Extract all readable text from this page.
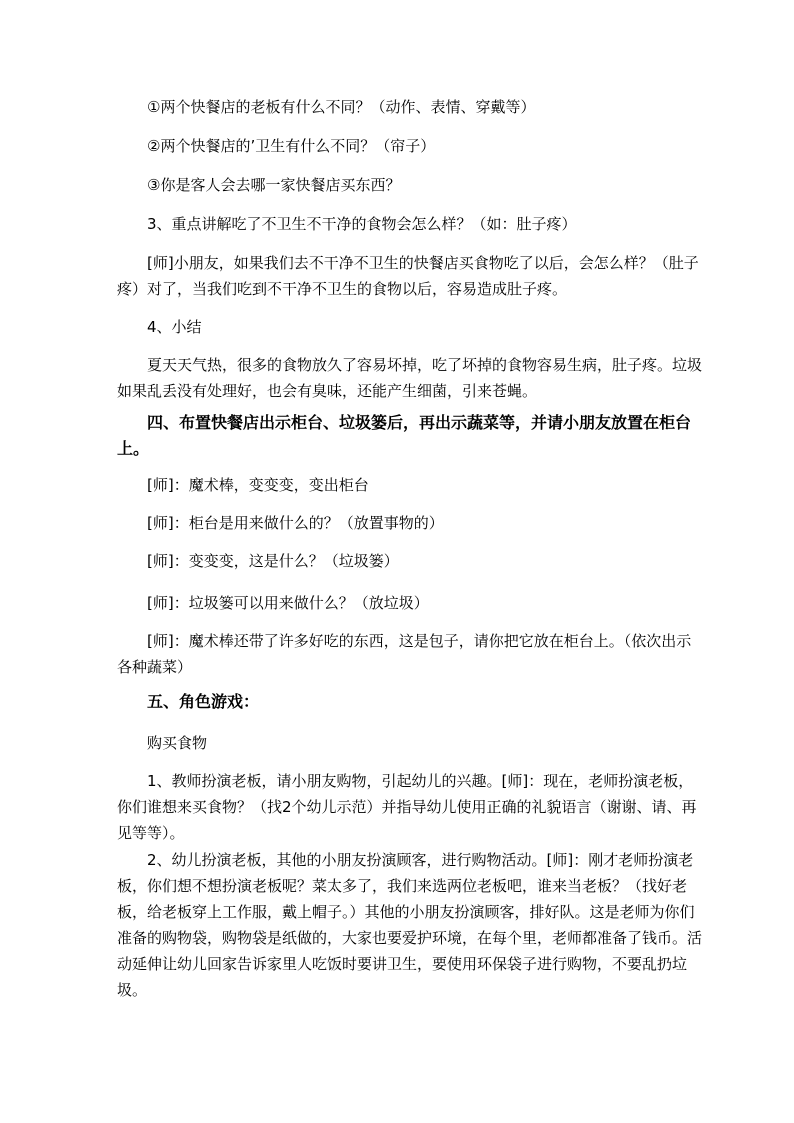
①两个快餐店的老板有什么不同？（动作、表情、穿戴等）

②两个快餐店的’卫生有什么不同？（帘子）

③你是客人会去哪一家快餐店买东西？

3、重点讲解吃了不卫生不干净的食物会怎么样？（如：肚子疼）

[师]小朋友，如果我们去不干净不卫生的快餐店买食物吃了以后，会怎么样？（肚子疼）对了，当我们吃到不干净不卫生的食物以后，容易造成肚子疼。

4、小结

夏天天气热，很多的食物放久了容易坏掉，吃了坏掉的食物容易生病，肚子疼。垃圾如果乱丢没有处理好，也会有臭味，还能产生细菌，引来苍蝇。

四、布置快餐店出示柜台、垃圾篓后，再出示蔬菜等，并请小朋友放置在柜台上。

[师]：魔术棒，变变变，变出柜台

[师]：柜台是用来做什么的？（放置事物的）

[师]：变变变，这是什么？（垃圾篓）

[师]：垃圾篓可以用来做什么？（放垃圾）

[师]：魔术棒还带了许多好吃的东西，这是包子，请你把它放在柜台上。（依次出示各种蔬菜）

五、角色游戏：

购买食物

1、教师扮演老板，请小朋友购物，引起幼儿的兴趣。[师]：现在，老师扮演老板，你们谁想来买食物？（找2个幼儿示范）并指导幼儿使用正确的礼貌语言（谢谢、请、再见等等）。

2、幼儿扮演老板，其他的小朋友扮演顾客，进行购物活动。[师]：刚才老师扮演老板，你们想不想扮演老板呢？菜太多了，我们来选两位老板吧，谁来当老板？（找好老板，给老板穿上工作服，戴上帽子。）其他的小朋友扮演顾客，排好队。这是老师为你们准备的购物袋，购物袋是纸做的，大家也要爱护环境，在每个里，老师都准备了钱币。活动延伸让幼儿回家告诉家里人吃饭时要讲卫生，要使用环保袋子进行购物，不要乱扔垃圾。
